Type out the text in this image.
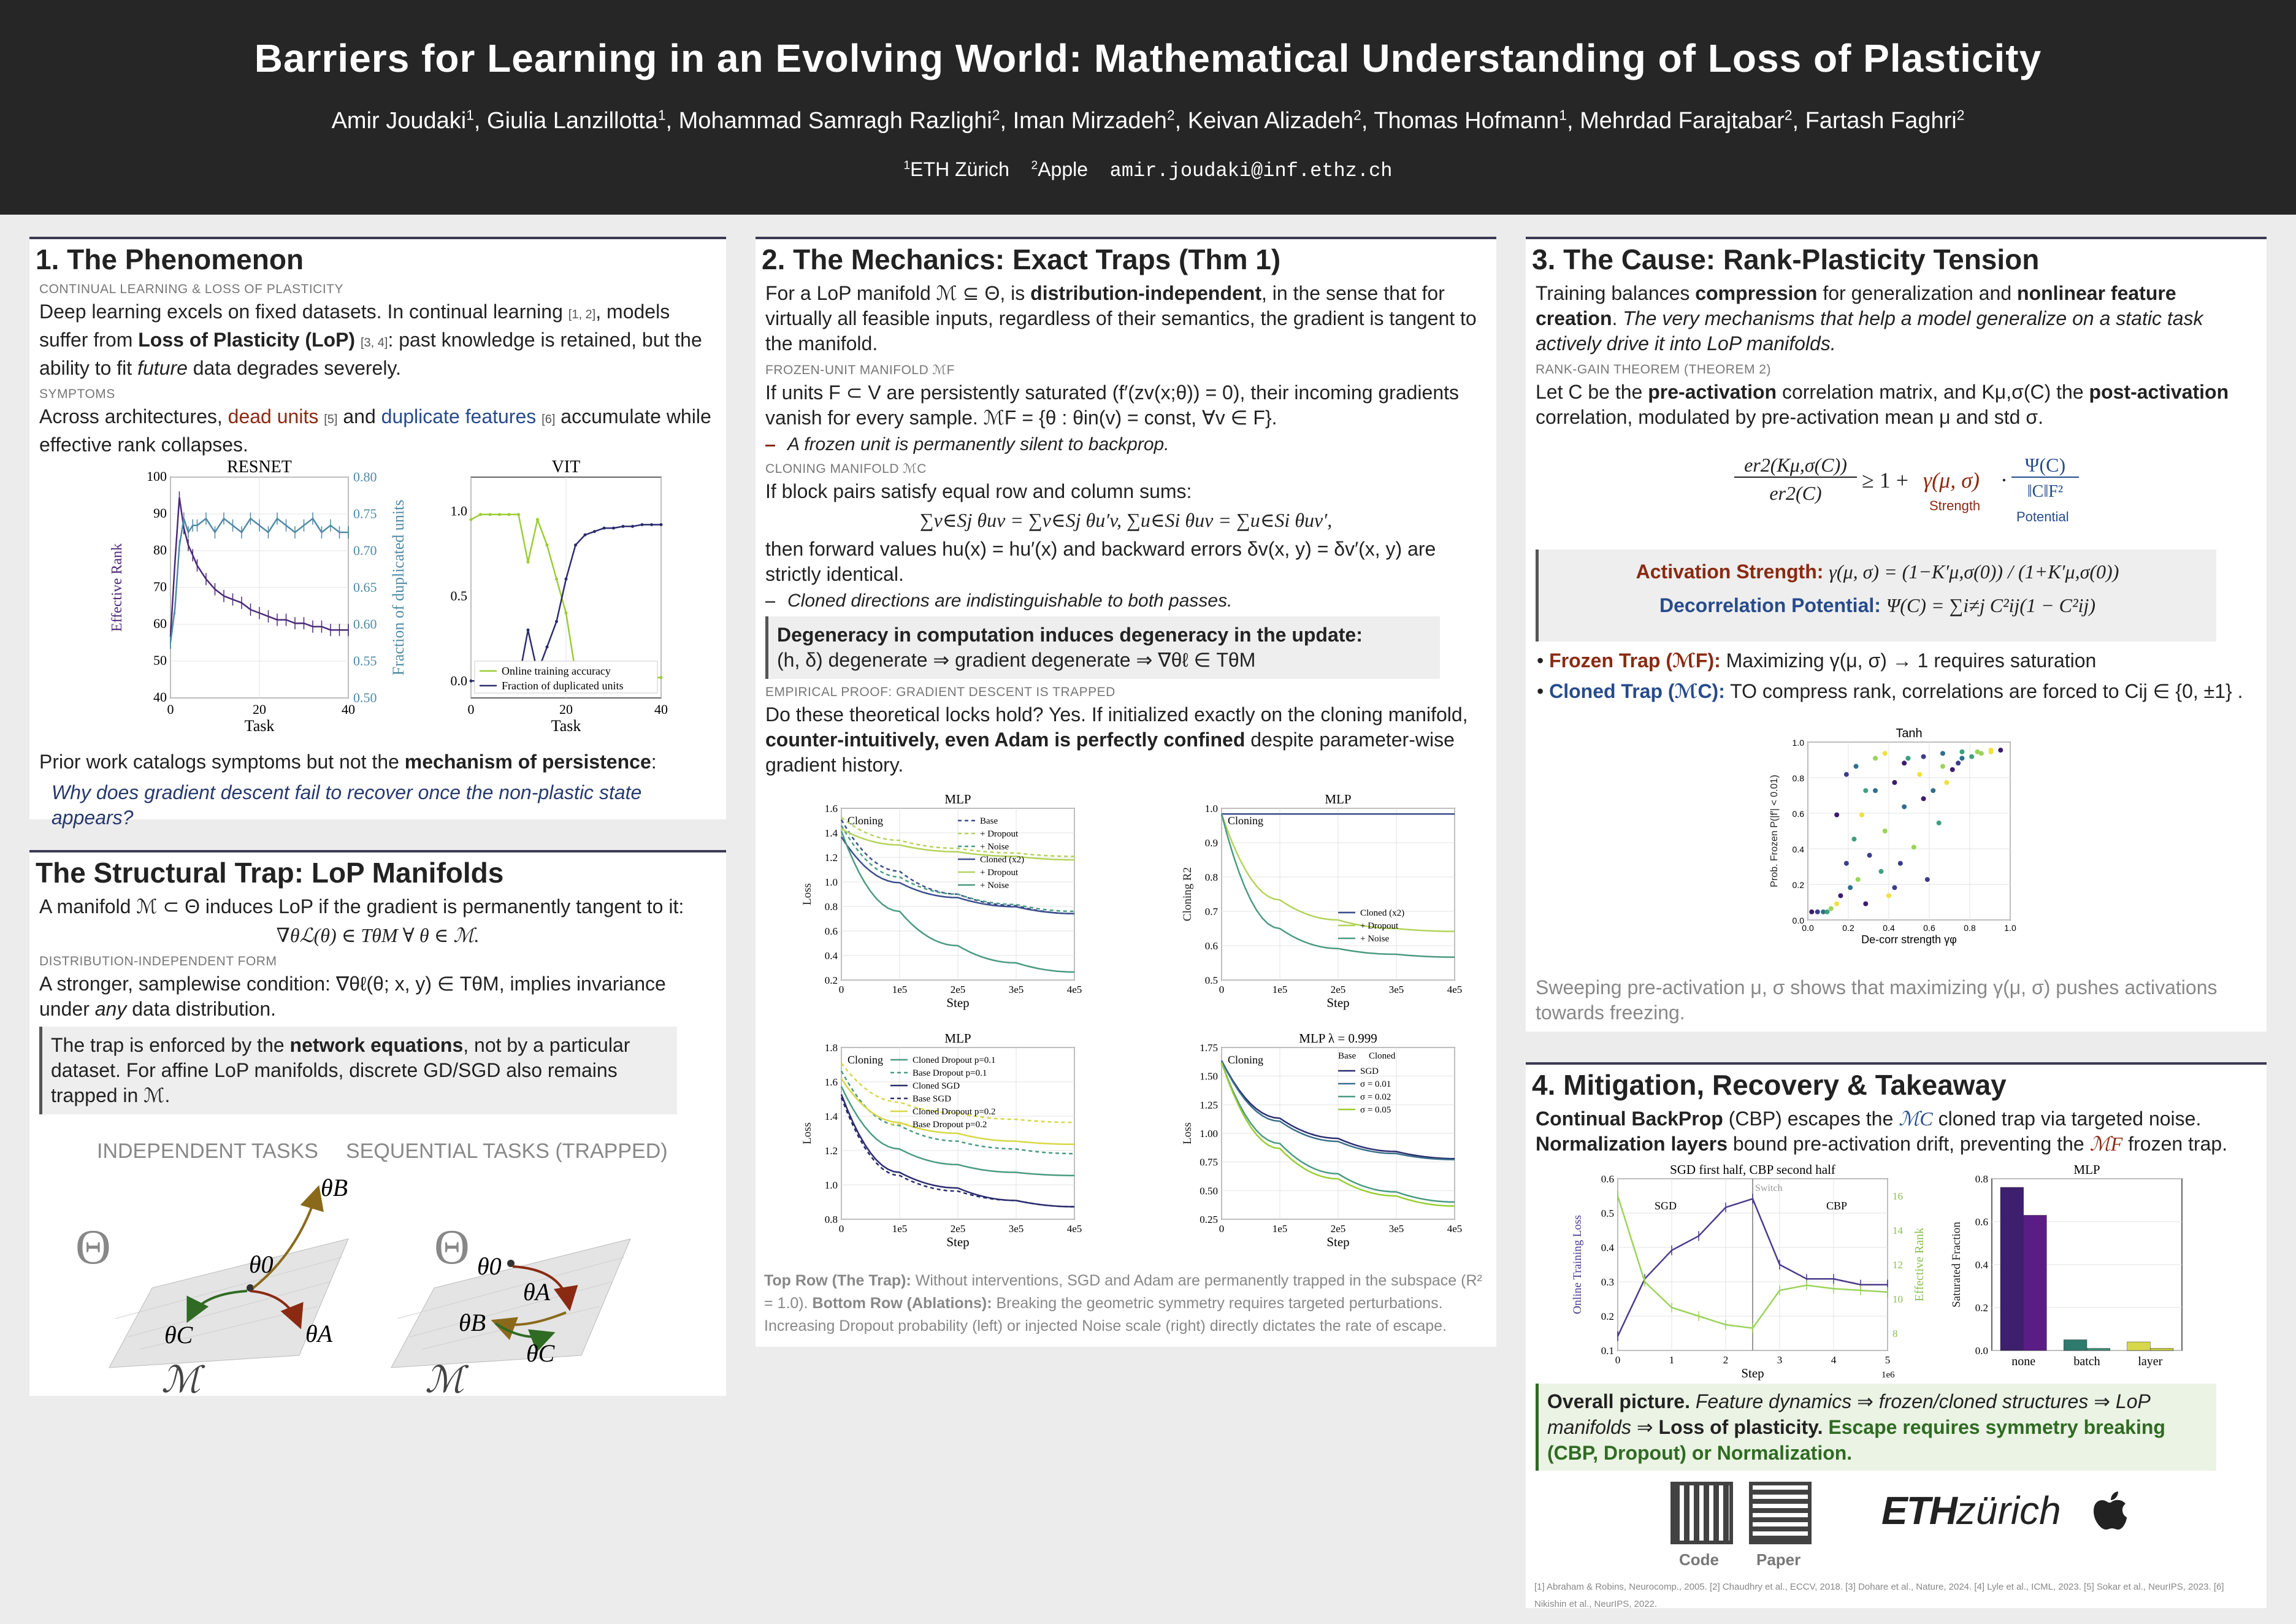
Barriers for Learning in an Evolving World: Mathematical Understanding of Loss of Plasticity
Amir Joudaki$^1$, Giulia Lanzillotta$^1$, Mohammad Samragh Razlighi$^2$, Iman Mirzadeh$^2$, Keivan Alizadeh$^2$, Thomas Hofmann$^1$, Mehrdad Farajtabar$^2$, Fartash Faghri$^2$
$^1$ETH Zürich $^2$Apple amir.joudaki@inf.ethz.ch
1. The Phenomenon
CONTINUAL LEARNING & LOSS OF PLASTICITY
Deep learning excels on fixed datasets. In continual learning [1, 2], models suffer from Loss of Plasticity (LoP) [3, 4]: past knowledge is retained, but the ability to fit future data degrades severely.
SYMPTOMS
Across architectures, dead units [5] and duplicate features [6] accumulate while effective rank collapses.
RESNET
0	20	40
40
50
60
70
80
90
100
Task
Effective Rank
0.50
0.55
0.60
0.65
0.70
0.75
0.80
Fraction of duplicated units
VIT
0	20	40
Task
0.0
0.5
1.0
Online training accuracy
Fraction of duplicated units
Prior work catalogs symptoms but not the mechanism of persistence:
Why does gradient descent fail to recover once the non-plastic state appears?
The Structural Trap: LoP Manifolds
A manifold ℳ ⊂ Θ induces LoP if the gradient is permanently tangent to it:
∇θℒ(θ) ∈ TθM ∀ θ ∈ ℳ.
DISTRIBUTION-INDEPENDENT FORM
A stronger, samplewise condition: ∇θℓ(θ; x, y) ∈ TθM, implies invariance under any data distribution.
The trap is enforced by the network equations, not by a particular dataset. For affine LoP manifolds, discrete GD/SGD also remains trapped in ℳ.
INDEPENDENT TASKS SEQUENTIAL TASKS (TRAPPED)
Θ	θ0
θB
θA
θC
ℳ
Θ θ0
θA
θB
θC
ℳ
2. The Mechanics: Exact Traps (Thm 1)
For a LoP manifold ℳ ⊆ Θ, is distribution-independent, in the sense that for virtually all feasible inputs, regardless of their semantics, the gradient is tangent to the manifold.
FROZEN-UNIT MANIFOLD ℳF
If units F ⊂ V are persistently saturated (f′(zv(x;θ)) = 0), their incoming gradients vanish for every sample. ℳF = {θ : θin(v) = const, ∀v ∈ F}.
A frozen unit is permanently silent to backprop.
CLONING MANIFOLD ℳC
If block pairs satisfy equal row and column sums:
∑v∈Sj θuv = ∑v∈Sj θu′v, ∑u∈Si θuv = ∑u∈Si θuv′,
then forward values hu(x) = hu′(x) and backward errors δv(x, y) = δv′(x, y) are strictly identical.
Cloned directions are indistinguishable to both passes.
Degeneracy in computation induces degeneracy in the update:
(h, δ) degenerate ⇒ gradient degenerate ⇒ ∇θℓ ∈ TθM
EMPIRICAL PROOF: GRADIENT DESCENT IS TRAPPED
Do these theoretical locks hold? Yes. If initialized exactly on the cloning manifold, counter-intuitively, even Adam is perfectly confined despite parameter-wise gradient history.
MLP
0	1e5	2e5	3e5	4e5
0.2
0.4
0.6
0.8
1.0
1.2
1.4
1.6
Step
Loss
Cloning	Base
+ Dropout
+ Noise
Cloned (x2)
+ Dropout
+ Noise
MLP
0	1e5	2e5	3e5	4e5
0.5
0.6
0.7
0.8
0.9
1.0
Step
Cloning R2
Cloning
Cloned (x2)
+ Dropout
+ Noise
MLP
0	1e5	2e5	3e5	4e5
0.8
1.0
1.2
1.4
1.6
1.8
Step
Loss
Cloning	Cloned Dropout p=0.1
Base Dropout p=0.1
Cloned SGD
Base SGD
Cloned Dropout p=0.2
Base Dropout p=0.2
MLP λ = 0.999
0	1e5	2e5	3e5	4e5
0.25
0.50
0.75
1.00
1.25
1.50
1.75
Step
Loss
Cloning	Base Cloned
SGD
σ = 0.01
σ = 0.02
σ = 0.05
Top Row (The Trap): Without interventions, SGD and Adam are permanently trapped in the subspace (R² = 1.0). Bottom Row (Ablations): Breaking the geometric symmetry requires targeted perturbations. Increasing Dropout probability (left) or injected Noise scale (right) directly dictates the rate of escape.
3. The Cause: Rank-Plasticity Tension
Training balances compression for generalization and nonlinear feature creation. The very mechanisms that help a model generalize on a static task actively drive it into LoP manifolds.
RANK-GAIN THEOREM (THEOREM 2)
Let C be the pre-activation correlation matrix, and Kμ,σ(C) the post-activation correlation, modulated by pre-activation mean μ and std σ.
er2(Kμ,σ(C))
er2(C)
≥ 1 + γ(μ, σ)
Strength
·
Ψ(C)
‖C‖F²
Potential
Activation Strength: γ(μ, σ) = (1−K′μ,σ(0)) / (1+K′μ,σ(0))
Decorrelation Potential: Ψ(C) = ∑i≠j C²ij(1 − C²ij)
• Frozen Trap (ℳF): Maximizing γ(μ, σ) → 1 requires saturation
• Cloned Trap (ℳC): TO compress rank, correlations are forced to Cij ∈ {0, ±1} .
Tanh
0.0	0.2	0.4	0.6	0.8	1.0
0.0
0.2
0.4
0.6
0.8
1.0
De-corr strength γφ
Prob. Frozen P(|f′| < 0.01)
Sweeping pre-activation μ, σ shows that maximizing γ(μ, σ) pushes activations towards freezing.
4. Mitigation, Recovery & Takeaway
Continual BackProp (CBP) escapes the ℳC cloned trap via targeted noise. Normalization layers bound pre-activation drift, preventing the ℳF frozen trap.
SGD first half, CBP second half
0	1	2	3	4	5
0.1
0.2
0.3
0.4
0.5
0.6
Step
Online Training Loss
8
10
12
14
16
Effective Rank
1e6
SGD	CBP
Switch
MLP
0.0
0.2
0.4
0.6
0.8
Saturated Fraction
none	batch	layer
Overall picture. Feature dynamics ⇒ frozen/cloned structures ⇒ LoP manifolds ⇒ Loss of plasticity. Escape requires symmetry breaking (CBP, Dropout) or Normalization.
Code Paper
ETHzürich
[1] Abraham & Robins, Neurocomp., 2005. [2] Chaudhry et al., ECCV, 2018. [3] Dohare et al., Nature, 2024. [4] Lyle et al., ICML, 2023. [5] Sokar et al., NeurIPS, 2023. [6] Nikishin et al., NeurIPS, 2022.
